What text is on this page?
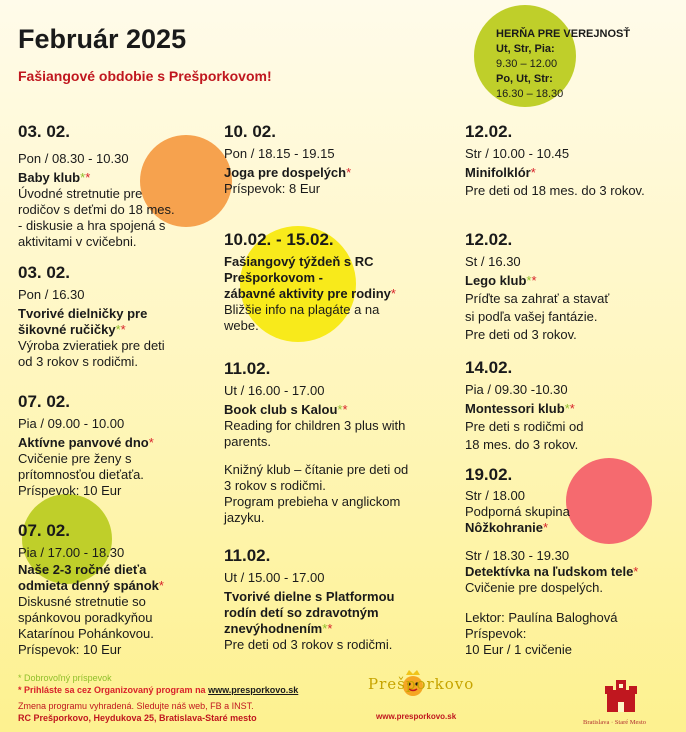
Február 2025
Fašiangové obdobie s Prešporkovom!
HERŇA PRE VEREJNOSŤ
Ut, Str, Pia:
9.30 – 12.00
Po, Ut, Str:
16.30 – 18.30
03. 02.
Pon / 08.30 - 10.30
Baby klub**
Úvodné stretnutie pre
rodičov s deťmi do 18 mes.
- diskusie a hra spojená s
aktivitami v cvičebni.
03. 02.
Pon / 16.30
Tvorivé dielničky pre
šikovné ručičky**
Výroba zvieratiek pre deti
od 3 rokov s rodičmi.
07. 02.
Pia / 09.00 - 10.00
Aktívne panvové dno*
Cvičenie pre ženy s
prítomnosťou dieťaťa.
Príspevok: 10 Eur
07. 02.
Pia / 17.00 - 18.30
Naše 2-3 ročné dieťa
odmieta denný spánok*
Diskusné stretnutie so
spánkovou poradkyňou
Katarínou Pohánkovou.
Príspevok: 10 Eur
10. 02.
Pon / 18.15 - 19.15
Joga pre dospelých*
Príspevok: 8 Eur
10.02. - 15.02.
Fašiangový týždeň s RC
Prešporkovom -
zábavné aktivity pre rodiny*
Bližšie info na plagáte a na
webe.
11.02.
Ut / 16.00 - 17.00
Book club s Kalou**
Reading for children 3 plus with
parents.
Knižný klub – čítanie pre deti od
3 rokov s rodičmi.
Program prebieha v anglickom
jazyku.
11.02.
Ut / 15.00 - 17.00
Tvorivé dielne s Platformou
rodín detí so zdravotným
znevýhodnením**
Pre deti od 3 rokov s rodičmi.
12.02.
Str / 10.00 - 10.45
Minifolklór*
Pre deti od 18 mes. do 3 rokov.
12.02.
St / 16.30
Lego klub**
Príďte sa zahrať a stavať
si podľa vašej fantázie.
Pre deti od 3 rokov.
14.02.
Pia / 09.30 -10.30
Montessori klub**
Pre deti s rodičmi od
18 mes. do 3 rokov.
19.02.
Str / 18.00
Podporná skupina
Nôžkohranie*
Str / 18.30 - 19.30
Detektívka na ľudskom tele*
Cvičenie pre dospelých.
Lektor: Paulína Baloghová
Príspevok:
10 Eur / 1 cvičenie
* Dobrovoľný príspevok
* Prihláste sa cez Organizovaný program na www.presporkovo.sk
Zmena programu vyhradená. Sledujte náš web, FB a INST.
RC Prešporkovo, Heydukova 25, Bratislava-Staré mesto
Prešporkovo
www.presporkovo.sk
Bratislava · Staré Mesto
